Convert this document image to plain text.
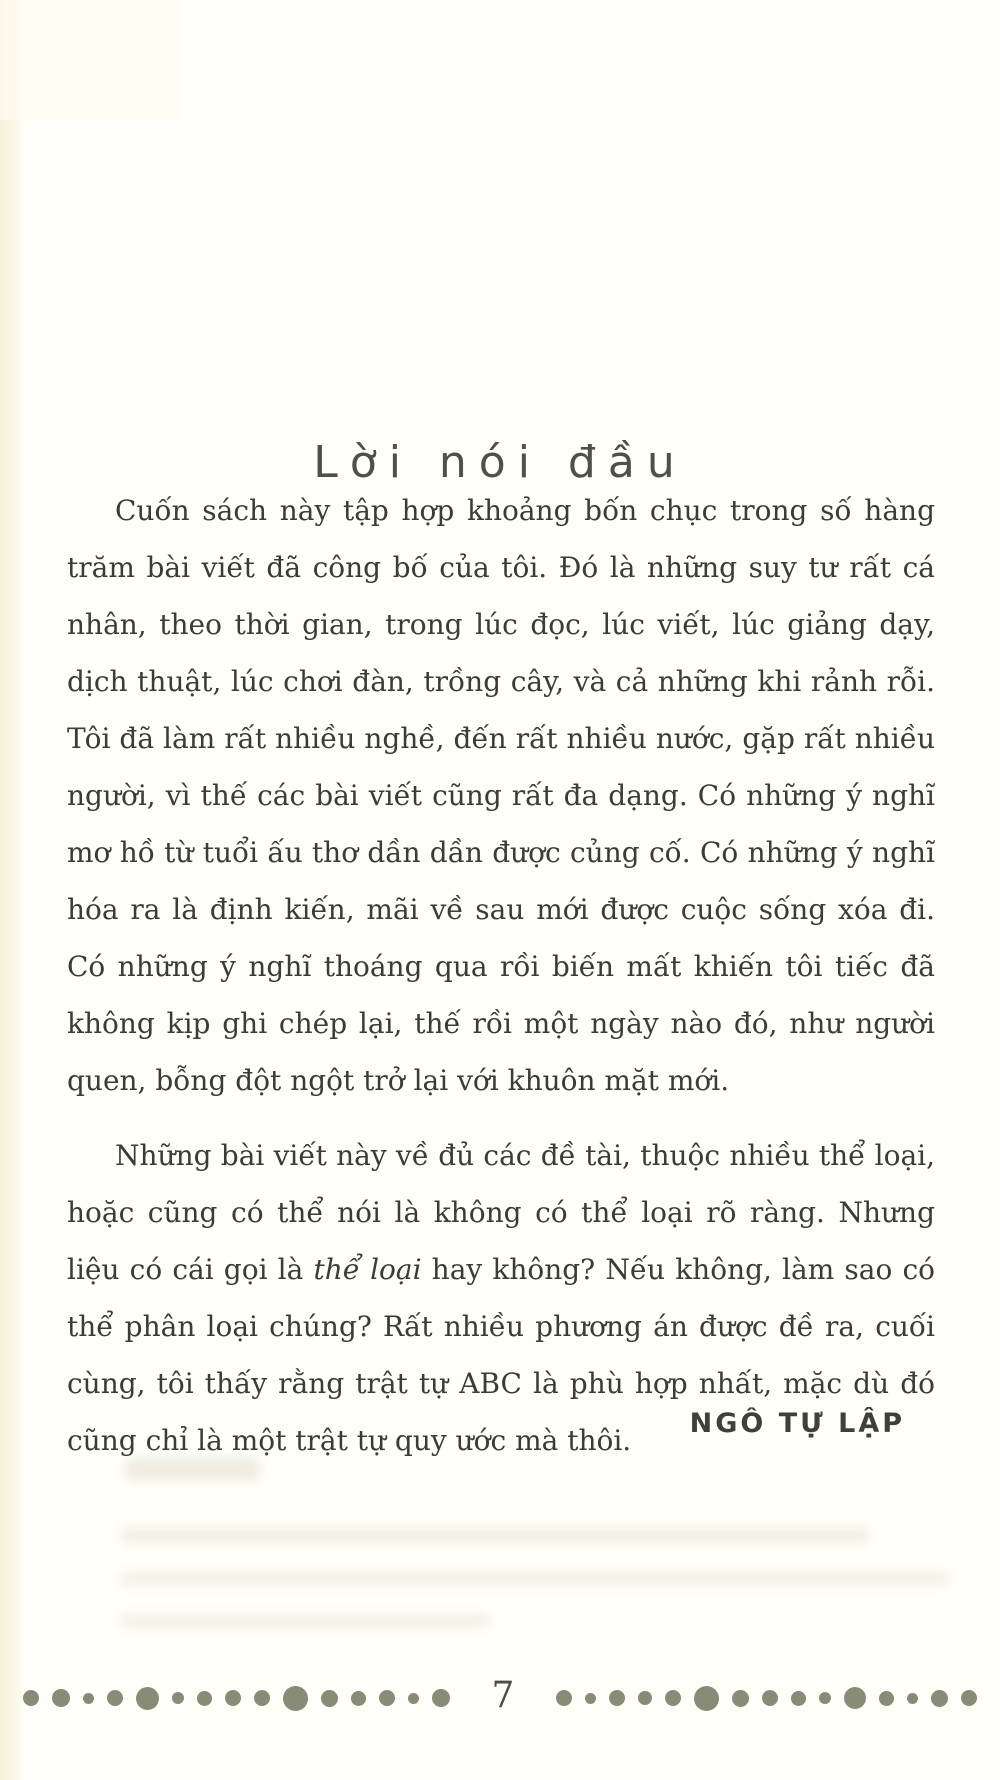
Lời nói đầu

Cuốn sách này tập hợp khoảng bốn chục trong số hàng trăm bài viết đã công bố của tôi. Đó là những suy tư rất cá nhân, theo thời gian, trong lúc đọc, lúc viết, lúc giảng dạy, dịch thuật, lúc chơi đàn, trồng cây, và cả những khi rảnh rỗi. Tôi đã làm rất nhiều nghề, đến rất nhiều nước, gặp rất nhiều người, vì thế các bài viết cũng rất đa dạng. Có những ý nghĩ mơ hồ từ tuổi ấu thơ dần dần được củng cố. Có những ý nghĩ hóa ra là định kiến, mãi về sau mới được cuộc sống xóa đi. Có những ý nghĩ thoáng qua rồi biến mất khiến tôi tiếc đã không kịp ghi chép lại, thế rồi một ngày nào đó, như người quen, bỗng đột ngột trở lại với khuôn mặt mới.

Những bài viết này về đủ các đề tài, thuộc nhiều thể loại, hoặc cũng có thể nói là không có thể loại rõ ràng. Nhưng liệu có cái gọi là thể loại hay không? Nếu không, làm sao có thể phân loại chúng? Rất nhiều phương án được đề ra, cuối cùng, tôi thấy rằng trật tự ABC là phù hợp nhất, mặc dù đó cũng chỉ là một trật tự quy ước mà thôi.

NGÔ TỰ LẬP
7
